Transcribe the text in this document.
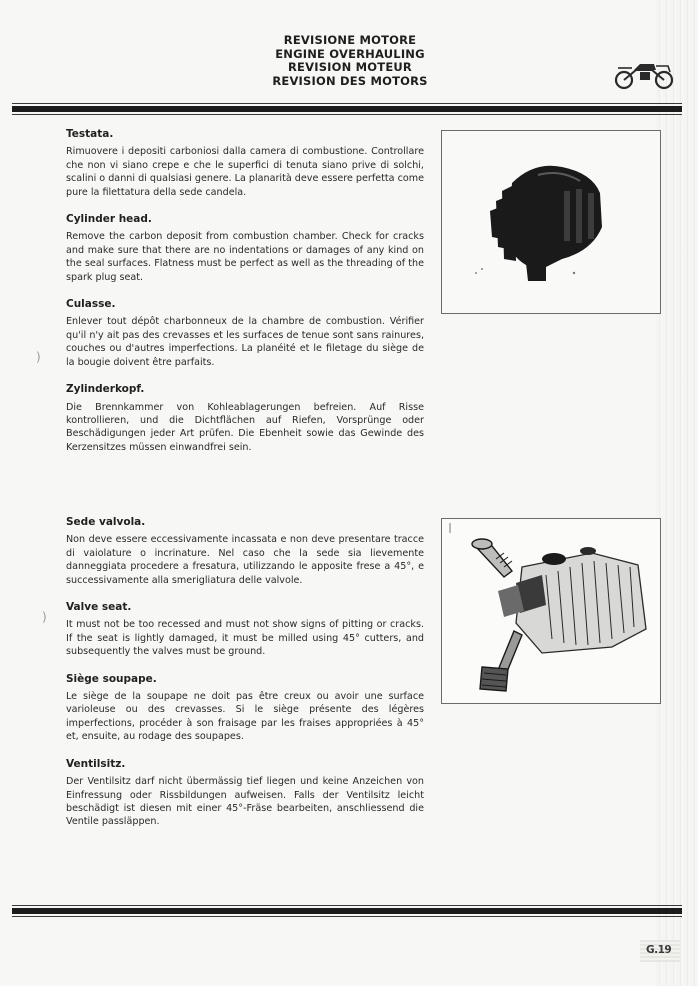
REVISIONE MOTORE
ENGINE OVERHAULING
REVISION MOTEUR
REVISION DES MOTORS
)
)
Testata.

Rimuovere i depositi carboniosi dalla camera di combustione. Controllare che non vi siano crepe e che le superfici di tenuta siano prive di solchi, scalini o danni di qualsiasi genere. La planarità deve essere perfetta come pure la filettatura della sede candela.

Cylinder head.

Remove the carbon deposit from combustion chamber. Check for cracks and make sure that there are no indentations or damages of any kind on the seal surfaces. Flatness must be perfect as well as the threading of the spark plug seat.

Culasse.

Enlever tout dépôt charbonneux de la chambre de combustion. Vérifier qu'il n'y ait pas des crevasses et les surfaces de tenue sont sans rainures, couches ou d'autres imperfections. La planéité et le filetage du siège de la bougie doivent être parfaits.

Zylinderkopf.

Die Brennkammer von Kohleablagerungen befreien. Auf Risse kontrollieren, und die Dichtflächen auf Riefen, Vorsprünge oder Beschädigungen jeder Art prüfen. Die Ebenheit sowie das Gewinde des Kerzensitzes müssen einwandfrei sein.

Sede valvola.

Non deve essere eccessivamente incassata e non deve presentare tracce di vaiolature o incrinature. Nel caso che la sede sia lievemente danneggiata procedere a fresatura, utilizzando le apposite frese a 45°, e successivamente alla smerigliatura delle valvole.

Valve seat.

It must not be too recessed and must not show signs of pitting or cracks. If the seat is lightly damaged, it must be milled using 45° cutters, and subsequently the valves must be ground.

Siège soupape.

Le siège de la soupape ne doit pas être creux ou avoir une surface varioleuse ou des crevasses. Si le siège présente des légères imperfections, procéder à son fraisage par les fraises appropriées à 45° et, ensuite, au rodage des soupapes.

Ventilsitz.

Der Ventilsitz darf nicht übermässig tief liegen und keine Anzeichen von Einfressung oder Rissbildungen aufweisen. Falls der Ventilsitz leicht beschädigt ist diesen mit einer 45°-Fräse bearbeiten, anschliessend die Ventile passläppen.

G.19
